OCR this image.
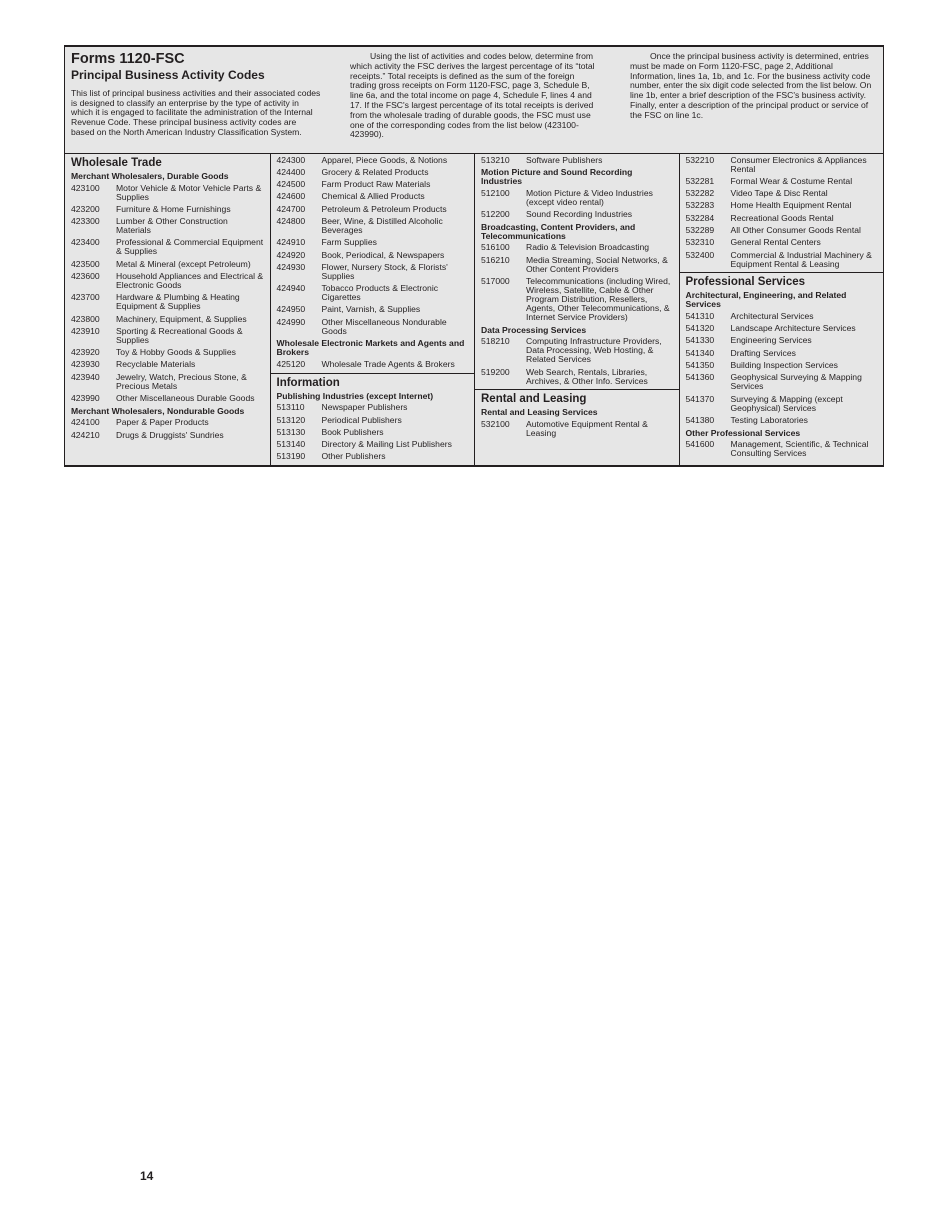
Forms 1120-FSC
Principal Business Activity Codes
This list of principal business activities and their associated codes is designed to classify an enterprise by the type of activity in which it is engaged to facilitate the administration of the Internal Revenue Code. These principal business activity codes are based on the North American Industry Classification System.
Using the list of activities and codes below, determine from which activity the FSC derives the largest percentage of its “total receipts.” Total receipts is defined as the sum of the foreign trading gross receipts on Form 1120-FSC, page 3, Schedule B, line 6a, and the total income on page 4, Schedule F, lines 4 and 17. If the FSC's largest percentage of its total receipts is derived from the wholesale trading of durable goods, the FSC must use one of the corresponding codes from the list below (423100-423990).
Once the principal business activity is determined, entries must be made on Form 1120-FSC, page 2, Additional Information, lines 1a, 1b, and 1c. For the business activity code number, enter the six digit code selected from the list below. On line 1b, enter a brief description of the FSC's business activity. Finally, enter a description of the principal product or service of the FSC on line 1c.
Wholesale Trade
Merchant Wholesalers, Durable Goods
423100	Motor Vehicle & Motor Vehicle Parts & Supplies
423200	Furniture & Home Furnishings
423300	Lumber & Other Construction Materials
423400	Professional & Commercial Equipment & Supplies
423500	Metal & Mineral (except Petroleum)
423600	Household Appliances and Electrical & Electronic Goods
423700	Hardware & Plumbing & Heating Equipment & Supplies
423800	Machinery, Equipment, & Supplies
423910	Sporting & Recreational Goods & Supplies
423920	Toy & Hobby Goods & Supplies
423930	Recyclable Materials
423940	Jewelry, Watch, Precious Stone, & Precious Metals
423990	Other Miscellaneous Durable Goods
Merchant Wholesalers, Nondurable Goods
424100	Paper & Paper Products
424210	Drugs & Druggists' Sundries
424300	Apparel, Piece Goods, & Notions
424400	Grocery & Related Products
424500	Farm Product Raw Materials
424600	Chemical & Allied Products
424700	Petroleum & Petroleum Products
424800	Beer, Wine, & Distilled Alcoholic Beverages
424910	Farm Supplies
424920	Book, Periodical, & Newspapers
424930	Flower, Nursery Stock, & Florists' Supplies
424940	Tobacco Products & Electronic Cigarettes
424950	Paint, Varnish, & Supplies
424990	Other Miscellaneous Nondurable Goods
Wholesale Electronic Markets and Agents and Brokers
425120	Wholesale Trade Agents & Brokers
Information
Publishing Industries (except Internet)
513110	Newspaper Publishers
513120	Periodical Publishers
513130	Book Publishers
513140	Directory & Mailing List Publishers
513190	Other Publishers
513210	Software Publishers
Motion Picture and Sound Recording Industries
512100	Motion Picture & Video Industries (except video rental)
512200	Sound Recording Industries
Broadcasting, Content Providers, and Telecommunications
516100	Radio & Television Broadcasting
516210	Media Streaming, Social Networks, & Other Content Providers
517000	Telecommunications (including Wired, Wireless, Satellite, Cable & Other Program Distribution, Resellers, Agents, Other Telecommunications, & Internet Service Providers)
Data Processing Services
518210	Computing Infrastructure Providers, Data Processing, Web Hosting, & Related Services
519200	Web Search, Rentals, Libraries, Archives, & Other Info. Services
Rental and Leasing
Rental and Leasing Services
532100	Automotive Equipment Rental & Leasing
532210	Consumer Electronics & Appliances Rental
532281	Formal Wear & Costume Rental
532282	Video Tape & Disc Rental
532283	Home Health Equipment Rental
532284	Recreational Goods Rental
532289	All Other Consumer Goods Rental
532310	General Rental Centers
532400	Commercial & Industrial Machinery & Equipment Rental & Leasing
Professional Services
Architectural, Engineering, and Related Services
541310	Architectural Services
541320	Landscape Architecture Services
541330	Engineering Services
541340	Drafting Services
541350	Building Inspection Services
541360	Geophysical Surveying & Mapping Services
541370	Surveying & Mapping (except Geophysical) Services
541380	Testing Laboratories
Other Professional Services
541600	Management, Scientific, & Technical Consulting Services
14
